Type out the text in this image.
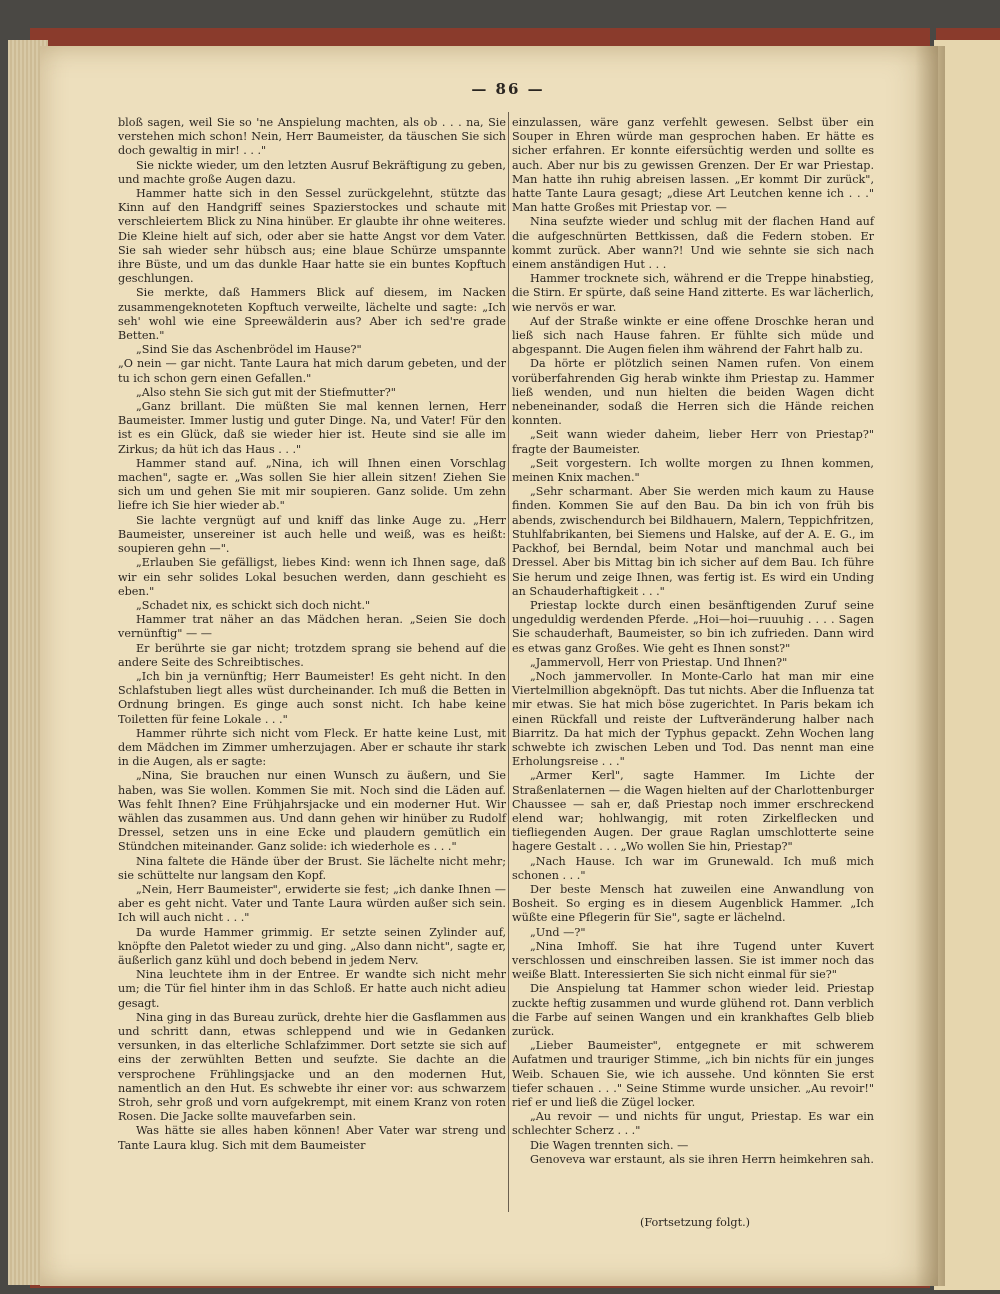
— 86 —

bloß sagen, weil Sie so 'ne Anspielung machten, als ob . . . na, Sie verstehen mich schon! Nein, Herr Baumeister, da täuschen Sie sich doch gewaltig in mir! . . ."

Sie nickte wieder, um den letzten Ausruf Bekräftigung zu geben, und machte große Augen dazu.

Hammer hatte sich in den Sessel zurückgelehnt, stützte das Kinn auf den Handgriff seines Spazierstockes und schaute mit verschleiertem Blick zu Nina hinüber. Er glaubte ihr ohne weiteres. Die Kleine hielt auf sich, oder aber sie hatte Angst vor dem Vater. Sie sah wieder sehr hübsch aus; eine blaue Schürze umspannte ihre Büste, und um das dunkle Haar hatte sie ein buntes Kopftuch geschlungen.

Sie merkte, daß Hammers Blick auf diesem, im Nacken zusammengeknoteten Kopftuch verweilte, lächelte und sagte: „Ich seh' wohl wie eine Spreewälderin aus? Aber ich sed're grade Betten."

„Sind Sie das Aschenbrödel im Hause?"

„O nein — gar nicht. Tante Laura hat mich darum gebeten, und der tu ich schon gern einen Gefallen."

„Also stehn Sie sich gut mit der Stiefmutter?"

„Ganz brillant. Die müßten Sie mal kennen lernen, Herr Baumeister. Immer lustig und guter Dinge. Na, und Vater! Für den ist es ein Glück, daß sie wieder hier ist. Heute sind sie alle im Zirkus; da hüt ich das Haus . . ."

Hammer stand auf. „Nina, ich will Ihnen einen Vorschlag machen", sagte er. „Was sollen Sie hier allein sitzen! Ziehen Sie sich um und gehen Sie mit mir soupieren. Ganz solide. Um zehn liefre ich Sie hier wieder ab."

Sie lachte vergnügt auf und kniff das linke Auge zu. „Herr Baumeister, unsereiner ist auch helle und weiß, was es heißt: soupieren gehn —".

„Erlauben Sie gefälligst, liebes Kind: wenn ich Ihnen sage, daß wir ein sehr solides Lokal besuchen werden, dann geschieht es eben."

„Schadet nix, es schickt sich doch nicht."

Hammer trat näher an das Mädchen heran. „Seien Sie doch vernünftig" — —

Er berührte sie gar nicht; trotzdem sprang sie behend auf die andere Seite des Schreibtisches.

„Ich bin ja vernünftig; Herr Baumeister! Es geht nicht. In den Schlafstuben liegt alles wüst durcheinander. Ich muß die Betten in Ordnung bringen. Es ginge auch sonst nicht. Ich habe keine Toiletten für feine Lokale . . ."

Hammer rührte sich nicht vom Fleck. Er hatte keine Lust, mit dem Mädchen im Zimmer umherzujagen. Aber er schaute ihr stark in die Augen, als er sagte:

„Nina, Sie brauchen nur einen Wunsch zu äußern, und Sie haben, was Sie wollen. Kommen Sie mit. Noch sind die Läden auf. Was fehlt Ihnen? Eine Frühjahrsjacke und ein moderner Hut. Wir wählen das zusammen aus. Und dann gehen wir hinüber zu Rudolf Dressel, setzen uns in eine Ecke und plaudern gemütlich ein Stündchen miteinander. Ganz solide: ich wiederhole es . . ."

Nina faltete die Hände über der Brust. Sie lächelte nicht mehr; sie schüttelte nur langsam den Kopf.

„Nein, Herr Baumeister", erwiderte sie fest; „ich danke Ihnen — aber es geht nicht. Vater und Tante Laura würden außer sich sein. Ich will auch nicht . . ."

Da wurde Hammer grimmig. Er setzte seinen Zylinder auf, knöpfte den Paletot wieder zu und ging. „Also dann nicht", sagte er, äußerlich ganz kühl und doch bebend in jedem Nerv.

Nina leuchtete ihm in der Entree. Er wandte sich nicht mehr um; die Tür fiel hinter ihm in das Schloß. Er hatte auch nicht adieu gesagt.

Nina ging in das Bureau zurück, drehte hier die Gasflammen aus und schritt dann, etwas schleppend und wie in Gedanken versunken, in das elterliche Schlafzimmer. Dort setzte sie sich auf eins der zerwühlten Betten und seufzte. Sie dachte an die versprochene Frühlingsjacke und an den modernen Hut, namentlich an den Hut. Es schwebte ihr einer vor: aus schwarzem Stroh, sehr groß und vorn aufgekrempt, mit einem Kranz von roten Rosen. Die Jacke sollte mauvefarben sein.

Was hätte sie alles haben können! Aber Vater war streng und Tante Laura klug. Sich mit dem Baumeister

einzulassen, wäre ganz verfehlt gewesen. Selbst über ein Souper in Ehren würde man gesprochen haben. Er hätte es sicher erfahren. Er konnte eifersüchtig werden und sollte es auch. Aber nur bis zu gewissen Grenzen. Der Er war Priestap. Man hatte ihn ruhig abreisen lassen. „Er kommt Dir zurück", hatte Tante Laura gesagt; „diese Art Leutchen kenne ich . . ." Man hatte Großes mit Priestap vor. —

Nina seufzte wieder und schlug mit der flachen Hand auf die aufgeschnürten Bettkissen, daß die Federn stoben. Er kommt zurück. Aber wann?! Und wie sehnte sie sich nach einem anständigen Hut . . .

Hammer trocknete sich, während er die Treppe hinabstieg, die Stirn. Er spürte, daß seine Hand zitterte. Es war lächerlich, wie nervös er war.

Auf der Straße winkte er eine offene Droschke heran und ließ sich nach Hause fahren. Er fühlte sich müde und abgespannt. Die Augen fielen ihm während der Fahrt halb zu.

Da hörte er plötzlich seinen Namen rufen. Von einem vorüberfahrenden Gig herab winkte ihm Priestap zu. Hammer ließ wenden, und nun hielten die beiden Wagen dicht nebeneinander, sodaß die Herren sich die Hände reichen konnten.

„Seit wann wieder daheim, lieber Herr von Priestap?" fragte der Baumeister.

„Seit vorgestern. Ich wollte morgen zu Ihnen kommen, meinen Knix machen."

„Sehr scharmant. Aber Sie werden mich kaum zu Hause finden. Kommen Sie auf den Bau. Da bin ich von früh bis abends, zwischendurch bei Bildhauern, Malern, Teppichfritzen, Stuhlfabrikanten, bei Siemens und Halske, auf der A. E. G., im Packhof, bei Berndal, beim Notar und manchmal auch bei Dressel. Aber bis Mittag bin ich sicher auf dem Bau. Ich führe Sie herum und zeige Ihnen, was fertig ist. Es wird ein Unding an Schauderhaftigkeit . . ."

Priestap lockte durch einen besänftigenden Zuruf seine ungeduldig werdenden Pferde. „Hoi—hoi—ruuuhig . . . . Sagen Sie schauderhaft, Baumeister, so bin ich zufrieden. Dann wird es etwas ganz Großes. Wie geht es Ihnen sonst?"

„Jammervoll, Herr von Priestap. Und Ihnen?"

„Noch jammervoller. In Monte-Carlo hat man mir eine Viertelmillion abgeknöpft. Das tut nichts. Aber die Influenza tat mir etwas. Sie hat mich böse zugerichtet. In Paris bekam ich einen Rückfall und reiste der Luftveränderung halber nach Biarritz. Da hat mich der Typhus gepackt. Zehn Wochen lang schwebte ich zwischen Leben und Tod. Das nennt man eine Erholungsreise . . ."

„Armer Kerl", sagte Hammer. Im Lichte der Straßenlaternen — die Wagen hielten auf der Charlottenburger Chaussee — sah er, daß Priestap noch immer erschreckend elend war; hohlwangig, mit roten Zirkelflecken und tiefliegenden Augen. Der graue Raglan umschlotterte seine hagere Gestalt . . . „Wo wollen Sie hin, Priestap?"

„Nach Hause. Ich war im Grunewald. Ich muß mich schonen . . ."

Der beste Mensch hat zuweilen eine Anwandlung von Bosheit. So erging es in diesem Augenblick Hammer. „Ich wüßte eine Pflegerin für Sie", sagte er lächelnd.

„Und —?"

„Nina Imhoff. Sie hat ihre Tugend unter Kuvert verschlossen und einschreiben lassen. Sie ist immer noch das weiße Blatt. Interessierten Sie sich nicht einmal für sie?"

Die Anspielung tat Hammer schon wieder leid. Priestap zuckte heftig zusammen und wurde glühend rot. Dann verblich die Farbe auf seinen Wangen und ein krankhaftes Gelb blieb zurück.

„Lieber Baumeister", entgegnete er mit schwerem Aufatmen und trauriger Stimme, „ich bin nichts für ein junges Weib. Schauen Sie, wie ich aussehe. Und könnten Sie erst tiefer schauen . . ." Seine Stimme wurde unsicher. „Au revoir!" rief er und ließ die Zügel locker.

„Au revoir — und nichts für ungut, Priestap. Es war ein schlechter Scherz . . ."

Die Wagen trennten sich. —

Genoveva war erstaunt, als sie ihren Herrn heimkehren sah.

(Fortsetzung folgt.)
